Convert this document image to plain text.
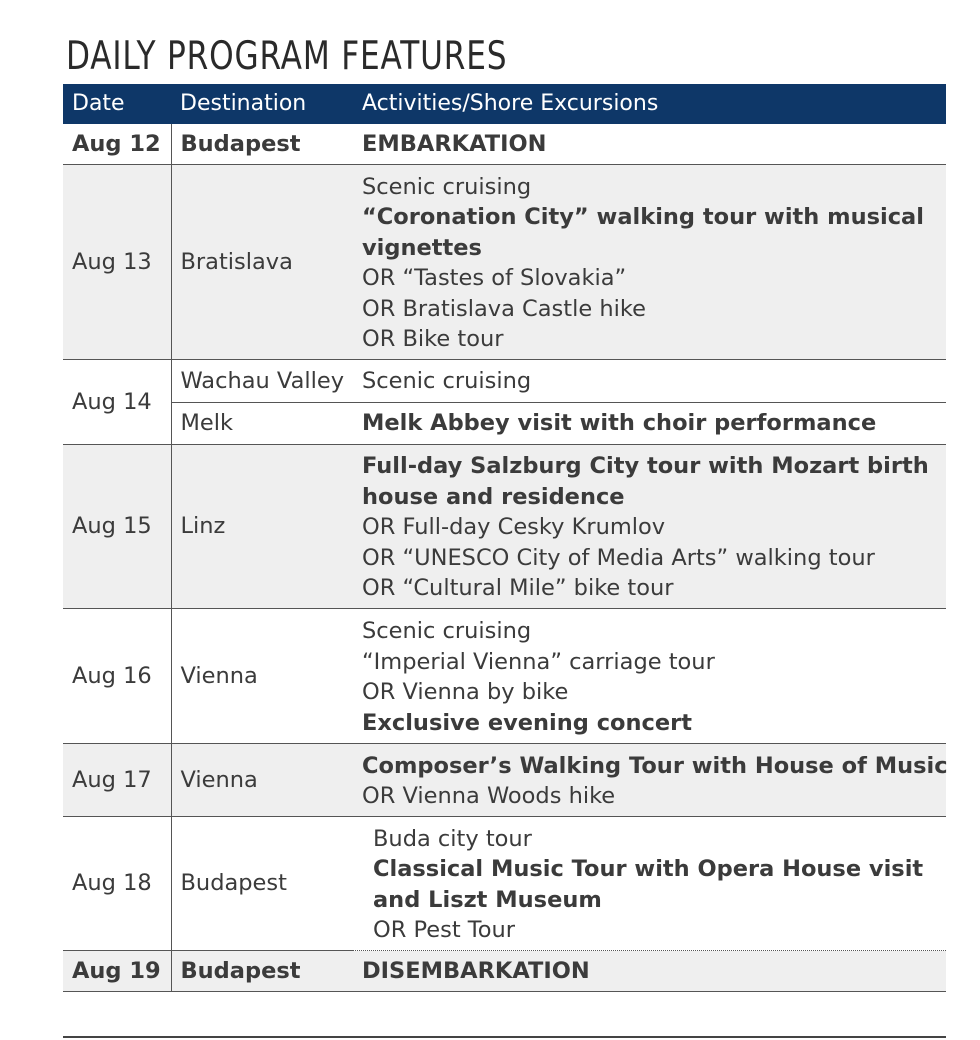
DAILY PROGRAM FEATURES
Date	Destination	Activities/Shore Excursions
Aug 12	Budapest	EMBARKATION
Aug 13	Bratislava	Scenic cruising
“Coronation City” walking tour with musical vignettes
OR “Tastes of Slovakia”
OR Bratislava Castle hike
OR Bike tour

Aug 14	Wachau Valley	Scenic cruising
	Melk	Melk Abbey visit with choir performance
Aug 15	Linz	Full-day Salzburg City tour with Mozart birth house and residence
OR Full-day Cesky Krumlov
OR “UNESCO City of Media Arts” walking tour
OR “Cultural Mile” bike tour

Aug 16	Vienna	Scenic cruising
“Imperial Vienna” carriage tour
OR Vienna by bike
Exclusive evening concert

Aug 17	Vienna	Composer’s Walking Tour with House of Music
OR Vienna Woods hike

Aug 18	Budapest	Buda city tour
Classical Music Tour with Opera House visit and Liszt Museum
OR Pest Tour

Aug 19	Budapest	DISEMBARKATION
